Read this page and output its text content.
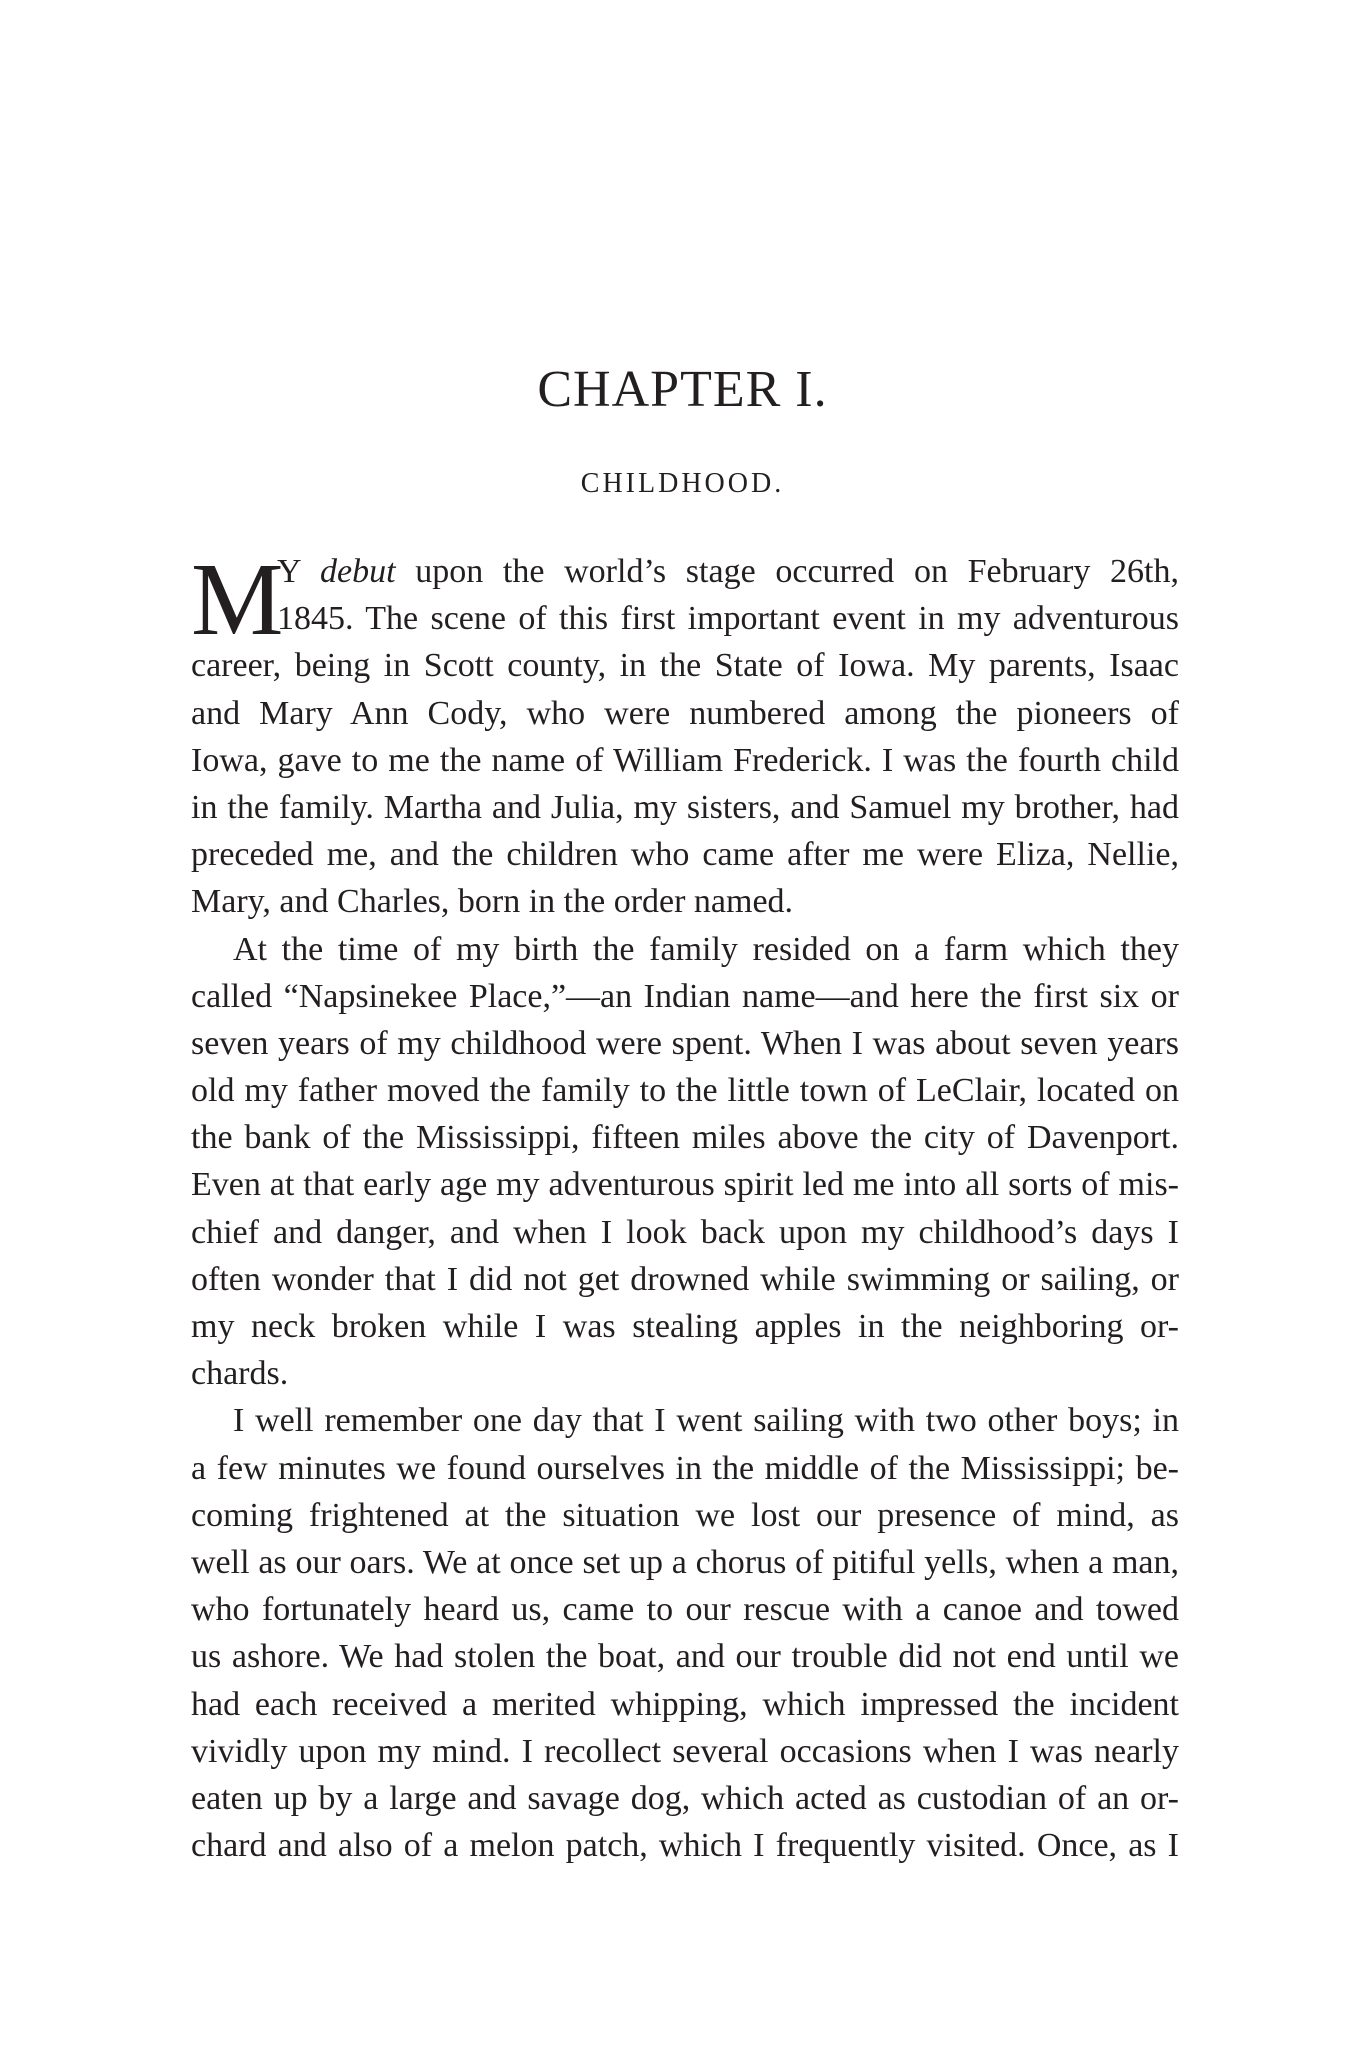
CHAPTER I.
CHILDHOOD.
M
Y debut upon the world’s stage occurred on February 26th,
1845. The scene of this first important event in my adventurous
career, being in Scott county, in the State of Iowa. My parents, Isaac
and Mary Ann Cody, who were numbered among the pioneers of
Iowa, gave to me the name of William Frederick. I was the fourth child
in the family. Martha and Julia, my sisters, and Samuel my brother, had
preceded me, and the children who came after me were Eliza, Nellie,
Mary, and Charles, born in the order named.
At the time of my birth the family resided on a farm which they
called “Napsinekee Place,”—an Indian name—and here the first six or
seven years of my childhood were spent. When I was about seven years
old my father moved the family to the little town of LeClair, located on
the bank of the Mississippi, fifteen miles above the city of Davenport.
Even at that early age my adventurous spirit led me into all sorts of mis-
chief and danger, and when I look back upon my childhood’s days I
often wonder that I did not get drowned while swimming or sailing, or
my neck broken while I was stealing apples in the neighboring or-
chards.
I well remember one day that I went sailing with two other boys; in
a few minutes we found ourselves in the middle of the Mississippi; be-
coming frightened at the situation we lost our presence of mind, as
well as our oars. We at once set up a chorus of pitiful yells, when a man,
who fortunately heard us, came to our rescue with a canoe and towed
us ashore. We had stolen the boat, and our trouble did not end until we
had each received a merited whipping, which impressed the incident
vividly upon my mind. I recollect several occasions when I was nearly
eaten up by a large and savage dog, which acted as custodian of an or-
chard and also of a melon patch, which I frequently visited. Once, as I
